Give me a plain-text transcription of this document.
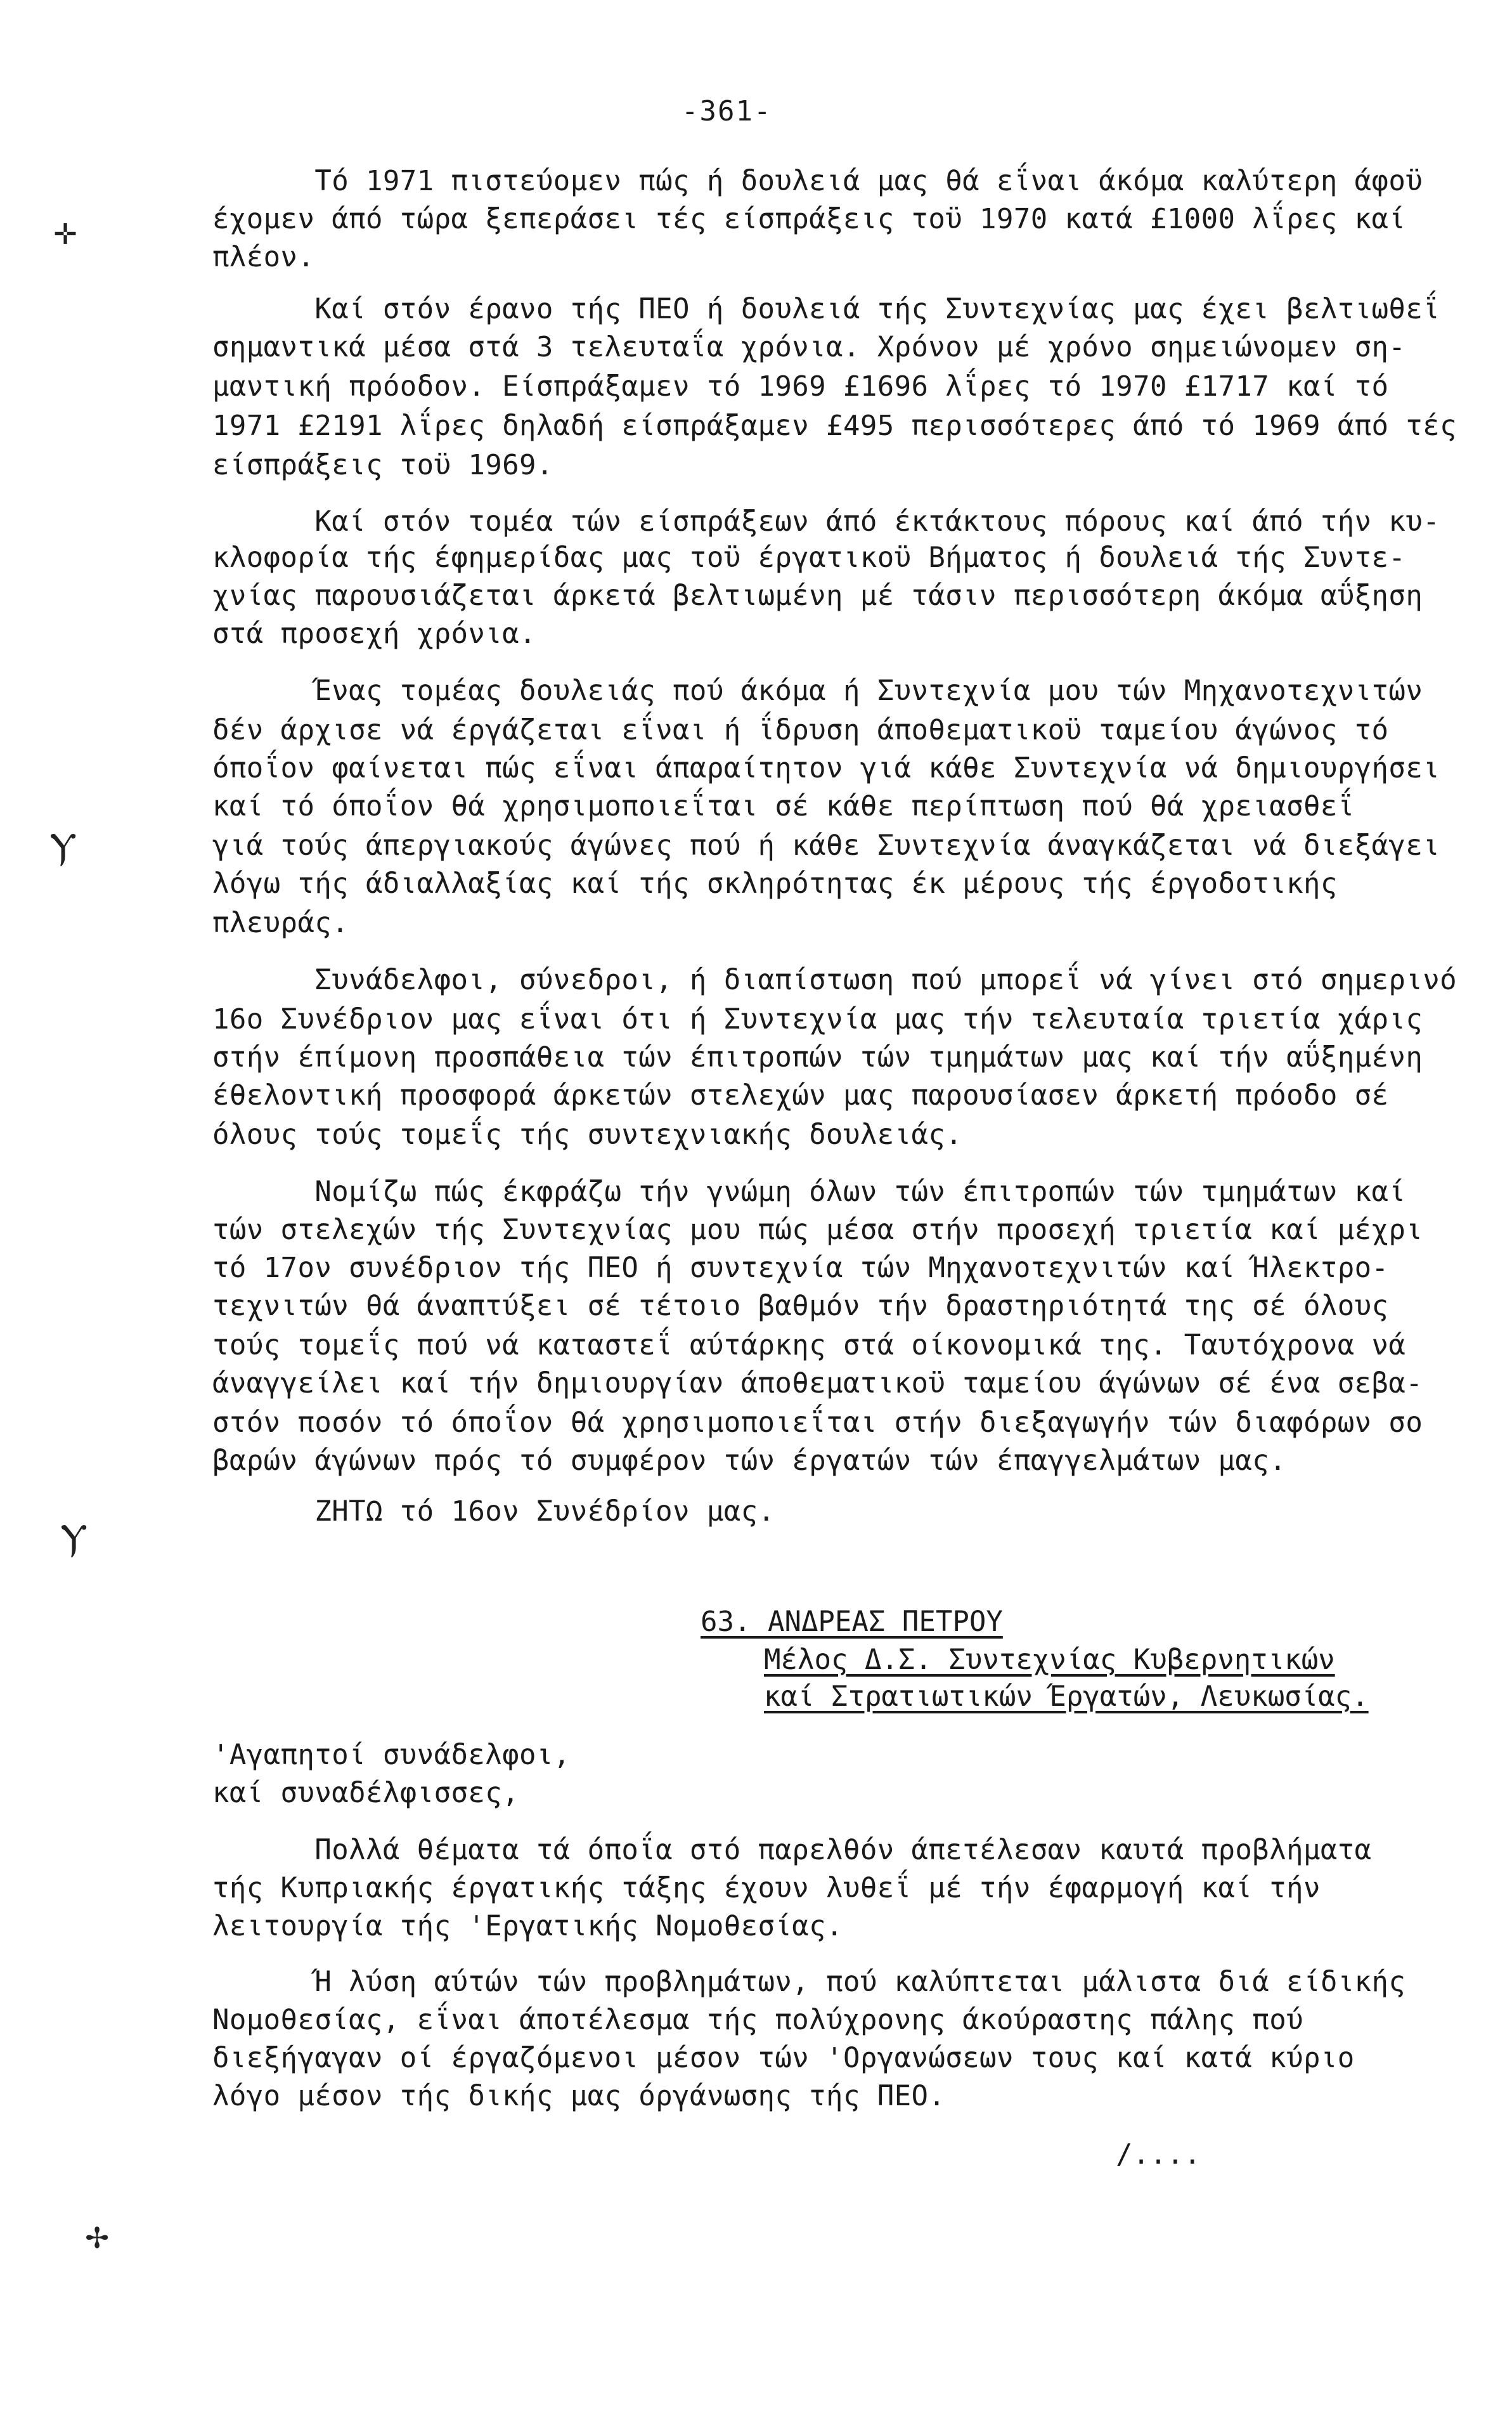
-361-
✛
Ⲩ
Ⲩ
✢
Τό 1971 πιστεύομεν πώς ή δουλειά μας θά εΐναι άκόμα καλύτερη άφοϋ
έχομεν άπό τώρα ξεπεράσει τές είσπράξεις τοϋ 1970 κατά £1000 λΐρες καί
πλέον.
Καί στόν έρανο τής ΠΕΟ ή δουλειά τής Συντεχνίας μας έχει βελτιωθεΐ
σημαντικά μέσα στά 3 τελευταΐα χρόνια. Χρόνον μέ χρόνο σημειώνομεν ση-
μαντική πρόοδον. Είσπράξαμεν τό 1969 £1696 λΐρες τό 1970 £1717 καί τό
1971 £2191 λΐρες δηλαδή είσπράξαμεν £495 περισσότερες άπό τό 1969 άπό τές
είσπράξεις τοϋ 1969.
Καί στόν τομέα τών είσπράξεων άπό έκτάκτους πόρους καί άπό τήν κυ-
κλοφορία τής έφημερίδας μας τοϋ έργατικοϋ Βήματος ή δουλειά τής Συντε-
χνίας παρουσιάζεται άρκετά βελτιωμένη μέ τάσιν περισσότερη άκόμα αΰξηση
στά προσεχή χρόνια.
Ένας τομέας δουλειάς πού άκόμα ή Συντεχνία μου τών Μηχανοτεχνιτών
δέν άρχισε νά έργάζεται εΐναι ή ΐδρυση άποθεματικοϋ ταμείου άγώνος τό
όποΐον φαίνεται πώς εΐναι άπαραίτητον γιά κάθε Συντεχνία νά δημιουργήσει
καί τό όποΐον θά χρησιμοποιεΐται σέ κάθε περίπτωση πού θά χρειασθεΐ
γιά τούς άπεργιακούς άγώνες πού ή κάθε Συντεχνία άναγκάζεται νά διεξάγει
λόγω τής άδιαλλαξίας καί τής σκληρότητας έκ μέρους τής έργοδοτικής
πλευράς.
Συνάδελφοι, σύνεδροι, ή διαπίστωση πού μπορεΐ νά γίνει στό σημερινό
16ο Συνέδριον μας εΐναι ότι ή Συντεχνία μας τήν τελευταία τριετία χάρις
στήν έπίμονη προσπάθεια τών έπιτροπών τών τμημάτων μας καί τήν αΰξημένη
έθελοντική προσφορά άρκετών στελεχών μας παρουσίασεν άρκετή πρόοδο σέ
όλους τούς τομεΐς τής συντεχνιακής δουλειάς.
Νομίζω πώς έκφράζω τήν γνώμη όλων τών έπιτροπών τών τμημάτων καί
τών στελεχών τής Συντεχνίας μου πώς μέσα στήν προσεχή τριετία καί μέχρι
τό 17ον συνέδριον τής ΠΕΟ ή συντεχνία τών Μηχανοτεχνιτών καί Ήλεκτρο-
τεχνιτών θά άναπτύξει σέ τέτοιο βαθμόν τήν δραστηριότητά της σέ όλους
τούς τομεΐς πού νά καταστεΐ αύτάρκης στά οίκονομικά της. Ταυτόχρονα νά
άναγγείλει καί τήν δημιουργίαν άποθεματικοϋ ταμείου άγώνων σέ ένα σεβα-
στόν ποσόν τό όποΐον θά χρησιμοποιεΐται στήν διεξαγωγήν τών διαφόρων σο
βαρών άγώνων πρός τό συμφέρον τών έργατών τών έπαγγελμάτων μας.
ΖΗΤΩ τό 16ον Συνέδρίον μας.
63. ΑΝΔΡΕΑΣ ΠΕΤΡΟΥ
Μέλος Δ.Σ. Συντεχνίας Κυβερνητικών
καί Στρατιωτικών Έργατών, Λευκωσίας.
'Αγαπητοί συνάδελφοι,
καί συναδέλφισσες,
Πολλά θέματα τά όποΐα στό παρελθόν άπετέλεσαν καυτά προβλήματα
τής Κυπριακής έργατικής τάξης έχουν λυθεΐ μέ τήν έφαρμογή καί τήν
λειτουργία τής 'Εργατικής Νομοθεσίας.
Ή λύση αύτών τών προβλημάτων, πού καλύπτεται μάλιστα διά είδικής
Νομοθεσίας, εΐναι άποτέλεσμα τής πολύχρονης άκούραστης πάλης πού
διεξήγαγαν οί έργαζόμενοι μέσον τών 'Οργανώσεων τους καί κατά κύριο
λόγο μέσον τής δικής μας όργάνωσης τής ΠΕΟ.
/....
